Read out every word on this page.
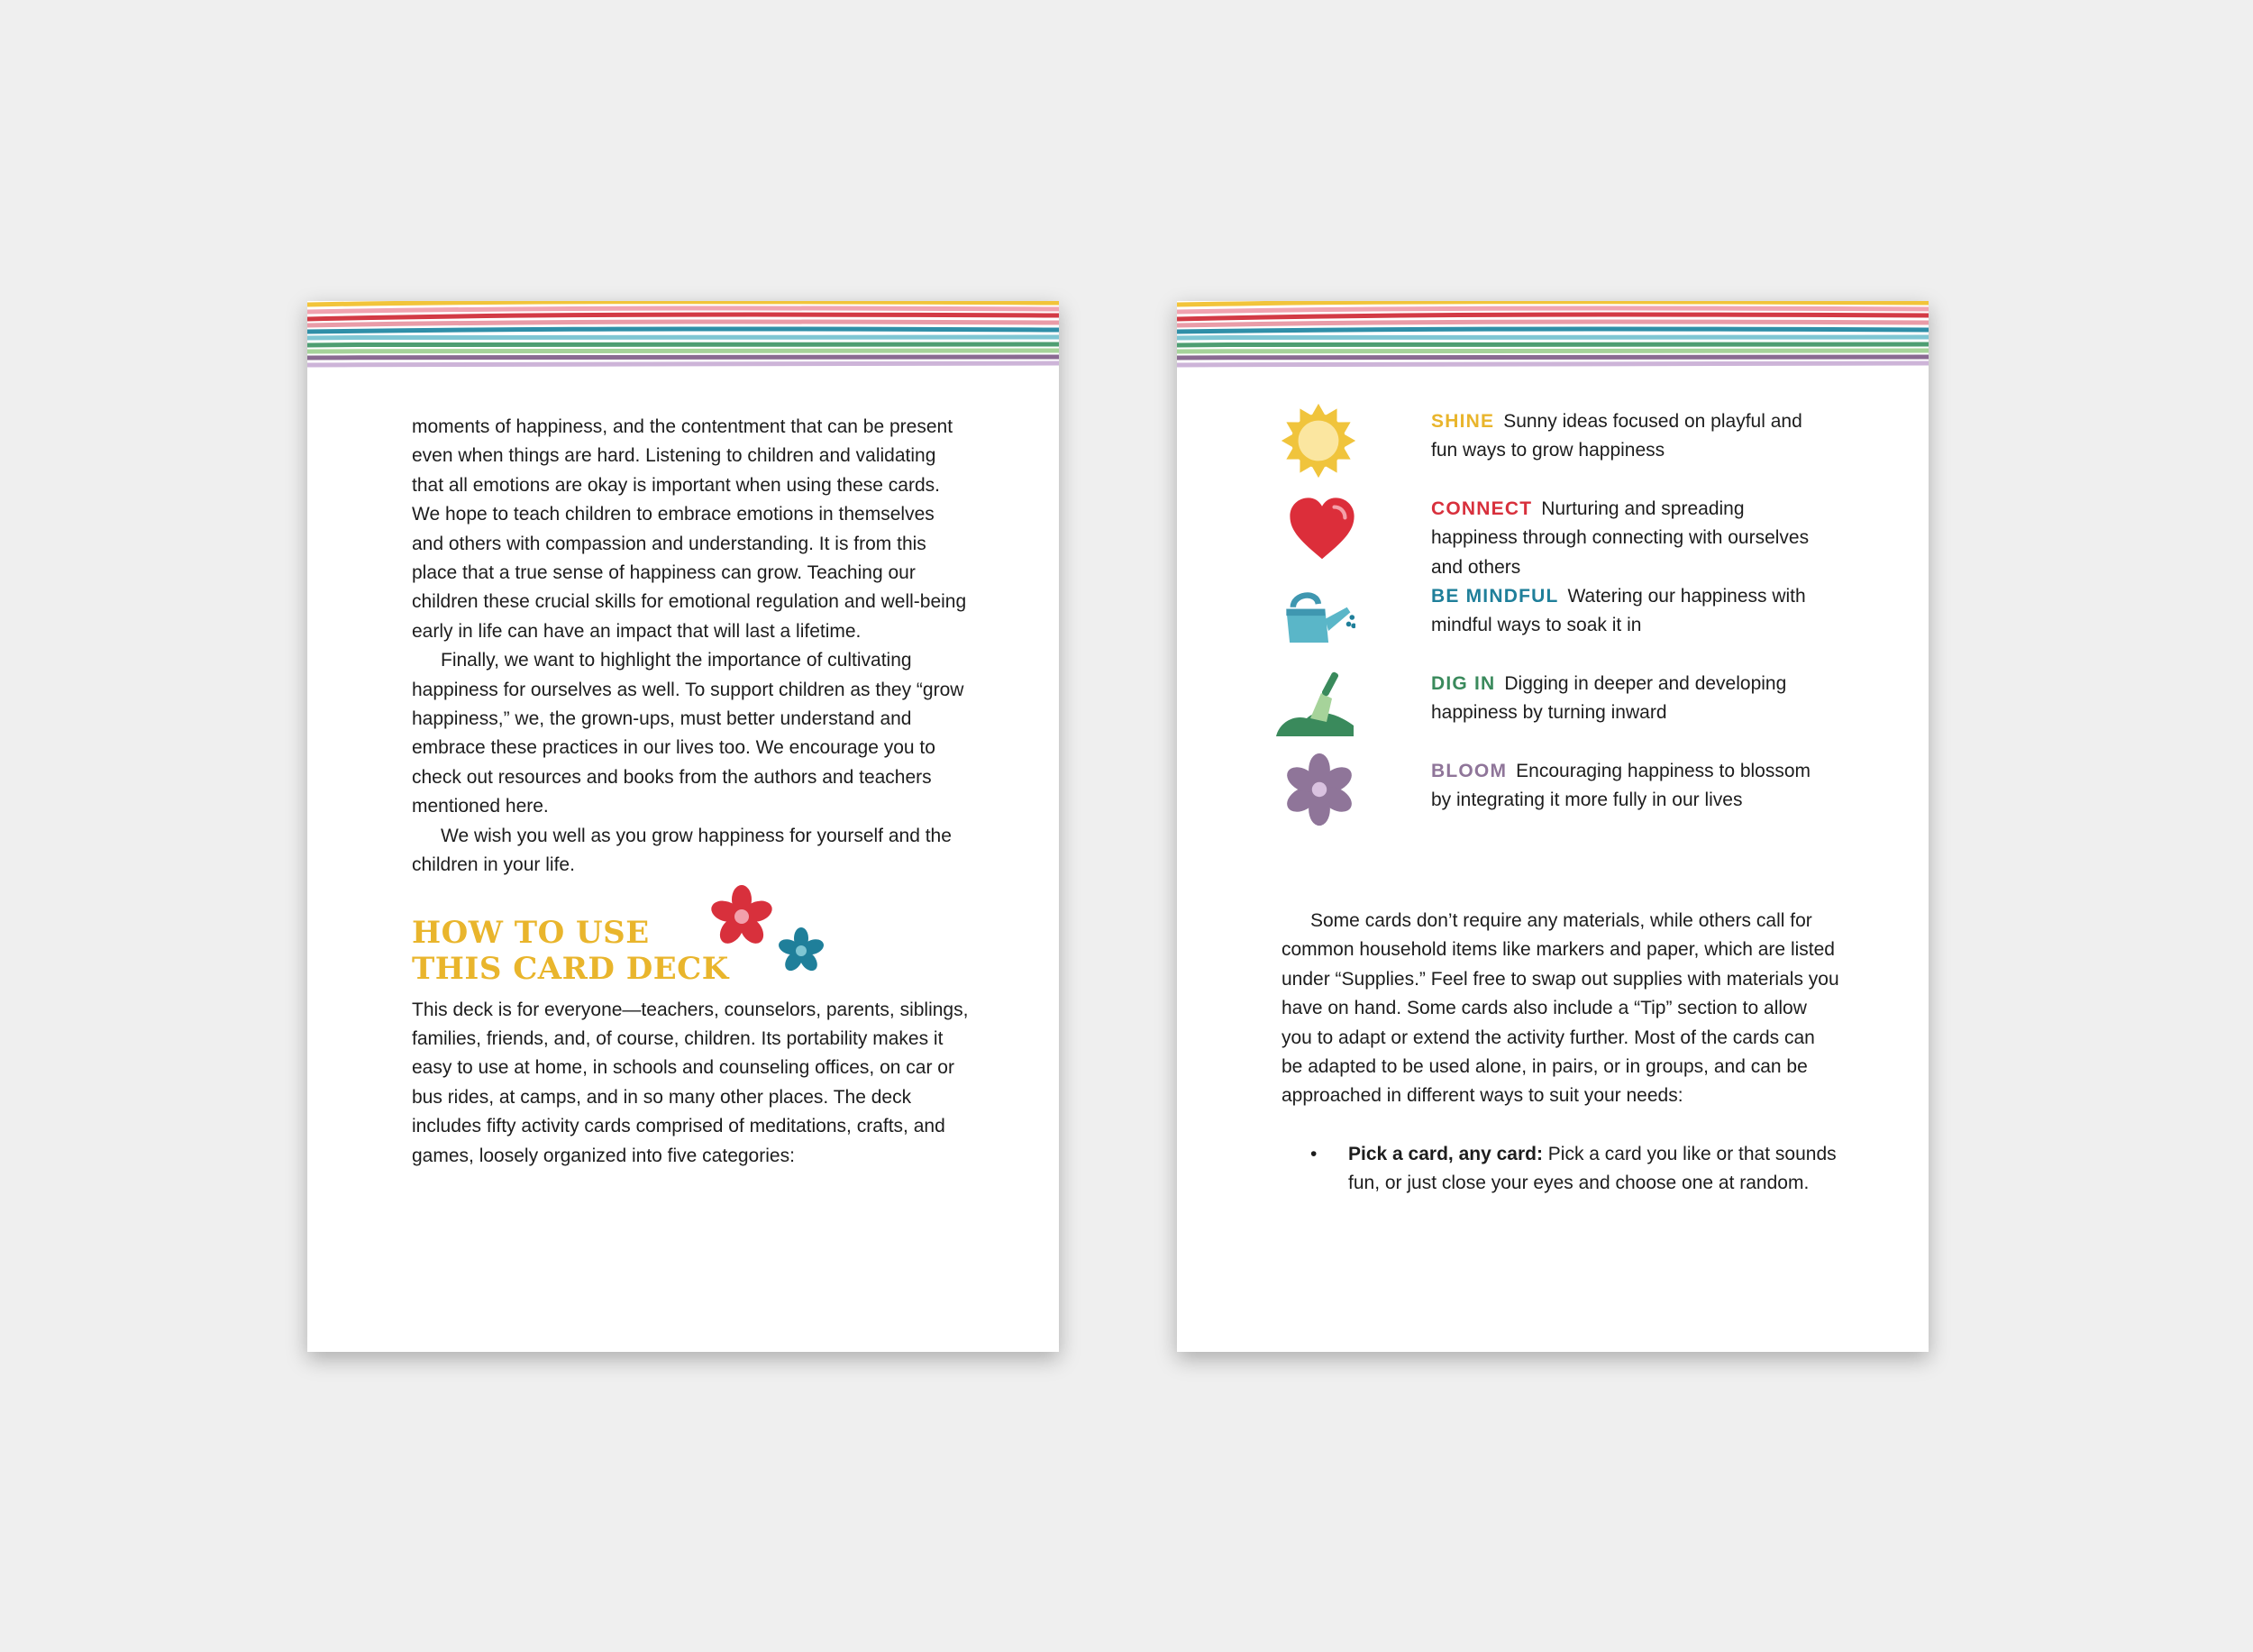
moments of happiness, and the contentment that can be present even when things are hard. Listening to children and validating that all emotions are okay is important when using these cards. We hope to teach children to embrace emotions in themselves and others with compassion and understanding. It is from this place that a true sense of happiness can grow. Teaching our children these crucial skills for emotional regulation and well-being early in life can have an impact that will last a lifetime.

Finally, we want to highlight the importance of cultivating happiness for ourselves as well. To support children as they “grow happiness,” we, the grown-ups, must better understand and embrace these practices in our lives too. We encourage you to check out resources and books from the authors and teachers mentioned here.

We wish you well as you grow happiness for yourself and the children in your life.

HOW TO USE
THIS CARD DECK

This deck is for everyone—teachers, counselors, parents, siblings, families, friends, and, of course, children. Its portability makes it easy to use at home, in schools and counseling offices, on car or bus rides, at camps, and in so many other places. The deck includes fifty activity cards comprised of meditations, crafts, and games, loosely organized into five categories:

SHINE Sunny ideas focused on playful and fun ways to grow happiness
CONNECT Nurturing and spreading happiness through connecting with ourselves and others
BE MINDFUL Watering our happiness with mindful ways to soak it in
DIG IN Digging in deeper and developing happiness by turning inward
BLOOM Encouraging happiness to blossom by integrating it more fully in our lives

Some cards don’t require any materials, while others call for common household items like markers and paper, which are listed under “Supplies.” Feel free to swap out supplies with materials you have on hand. Some cards also include a “Tip” section to allow you to adapt or extend the activity further. Most of the cards can be adapted to be used alone, in pairs, or in groups, and can be approached in different ways to suit your needs:

• Pick a card, any card: Pick a card you like or that sounds fun, or just close your eyes and choose one at random.
